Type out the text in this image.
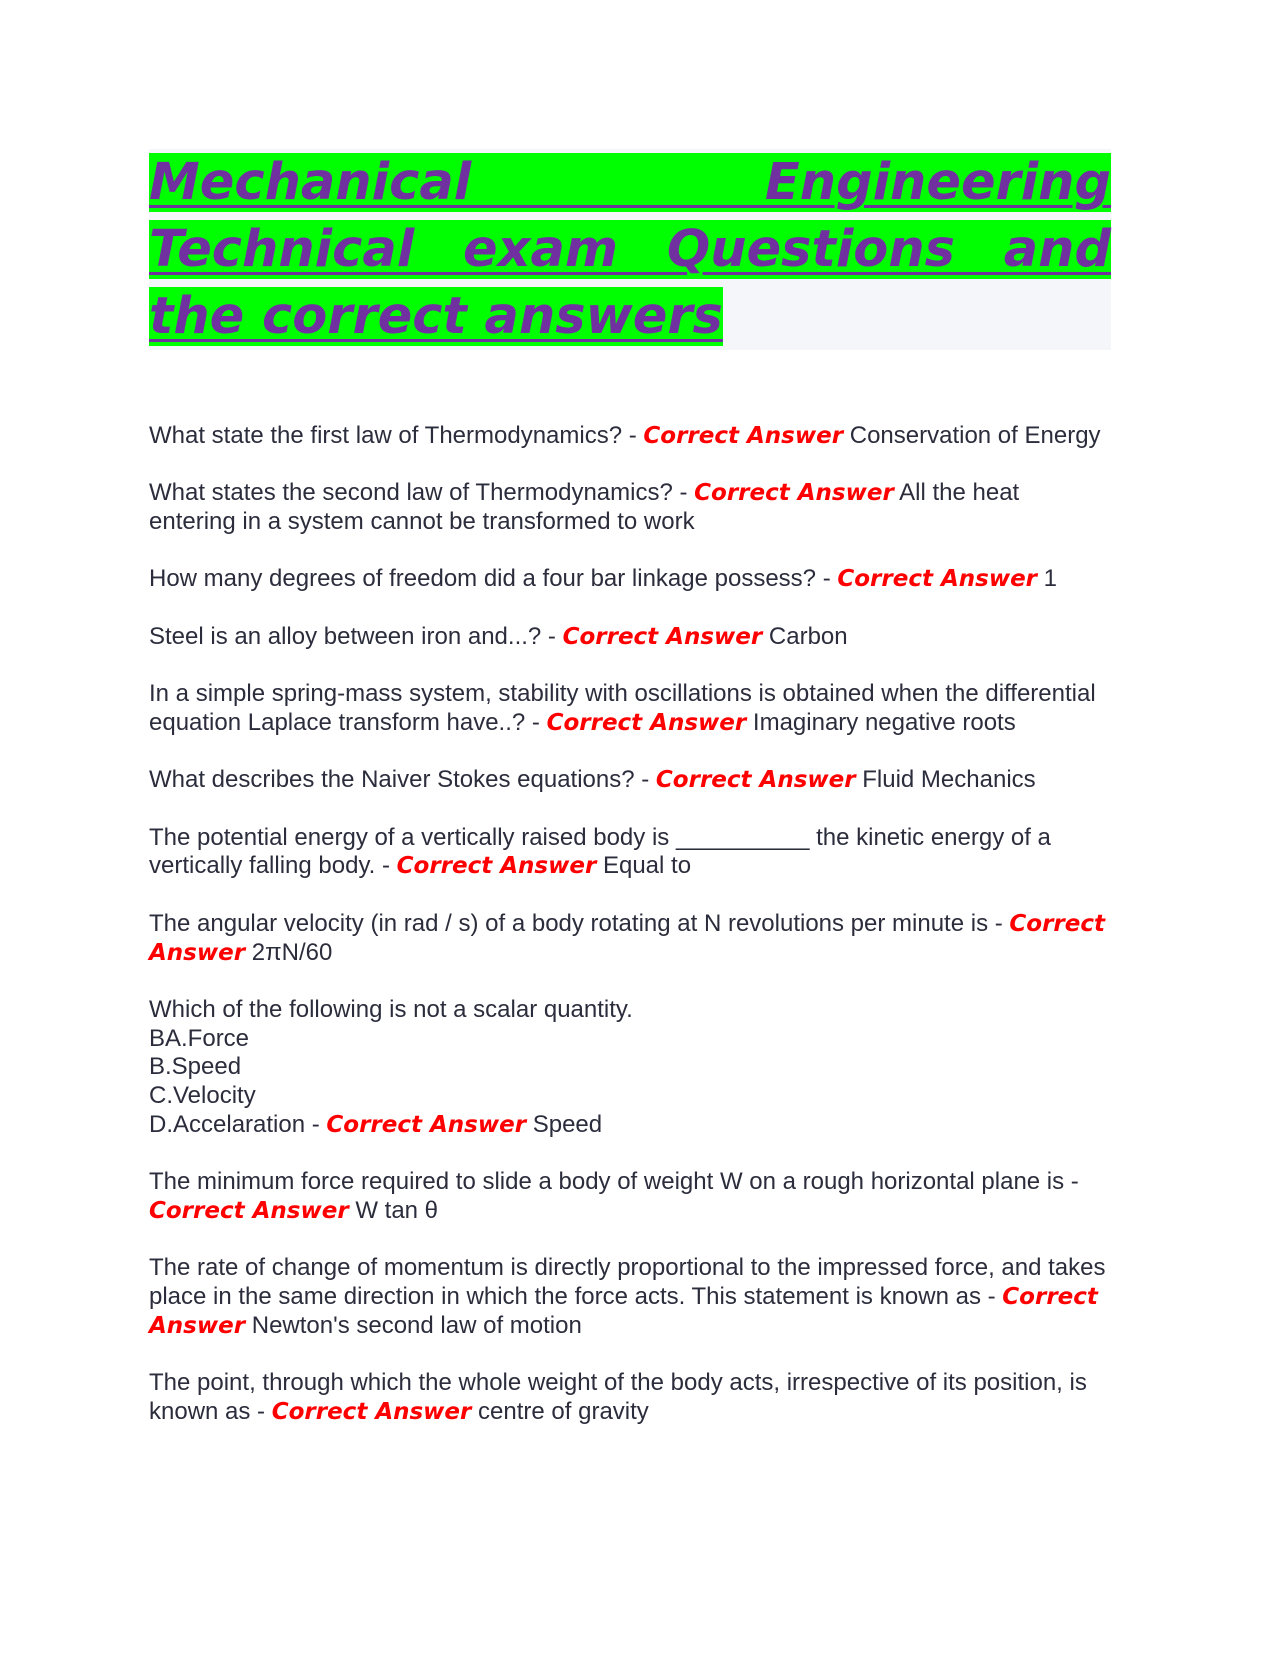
Mechanical Engineering Technical exam Questions and the correct answers

What state the first law of Thermodynamics? - Correct Answer Conservation of Energy

What states the second law of Thermodynamics? - Correct Answer All the heat entering in a system cannot be transformed to work

How many degrees of freedom did a four bar linkage possess? - Correct Answer 1

Steel is an alloy between iron and...? - Correct Answer Carbon

In a simple spring-mass system, stability with oscillations is obtained when the differential equation Laplace transform have..? - Correct Answer Imaginary negative roots

What describes the Naiver Stokes equations? - Correct Answer Fluid Mechanics

The potential energy of a vertically raised body is __________ the kinetic energy of a vertically falling body. - Correct Answer Equal to

The angular velocity (in rad / s) of a body rotating at N revolutions per minute is - Correct Answer 2πN/60

Which of the following is not a scalar quantity.
BA.Force
B.Speed
C.Velocity
D.Accelaration - Correct Answer Speed

The minimum force required to slide a body of weight W on a rough horizontal plane is - Correct Answer W tan θ

The rate of change of momentum is directly proportional to the impressed force, and takes place in the same direction in which the force acts. This statement is known as - Correct Answer Newton's second law of motion

The point, through which the whole weight of the body acts, irrespective of its position, is known as - Correct Answer centre of gravity
